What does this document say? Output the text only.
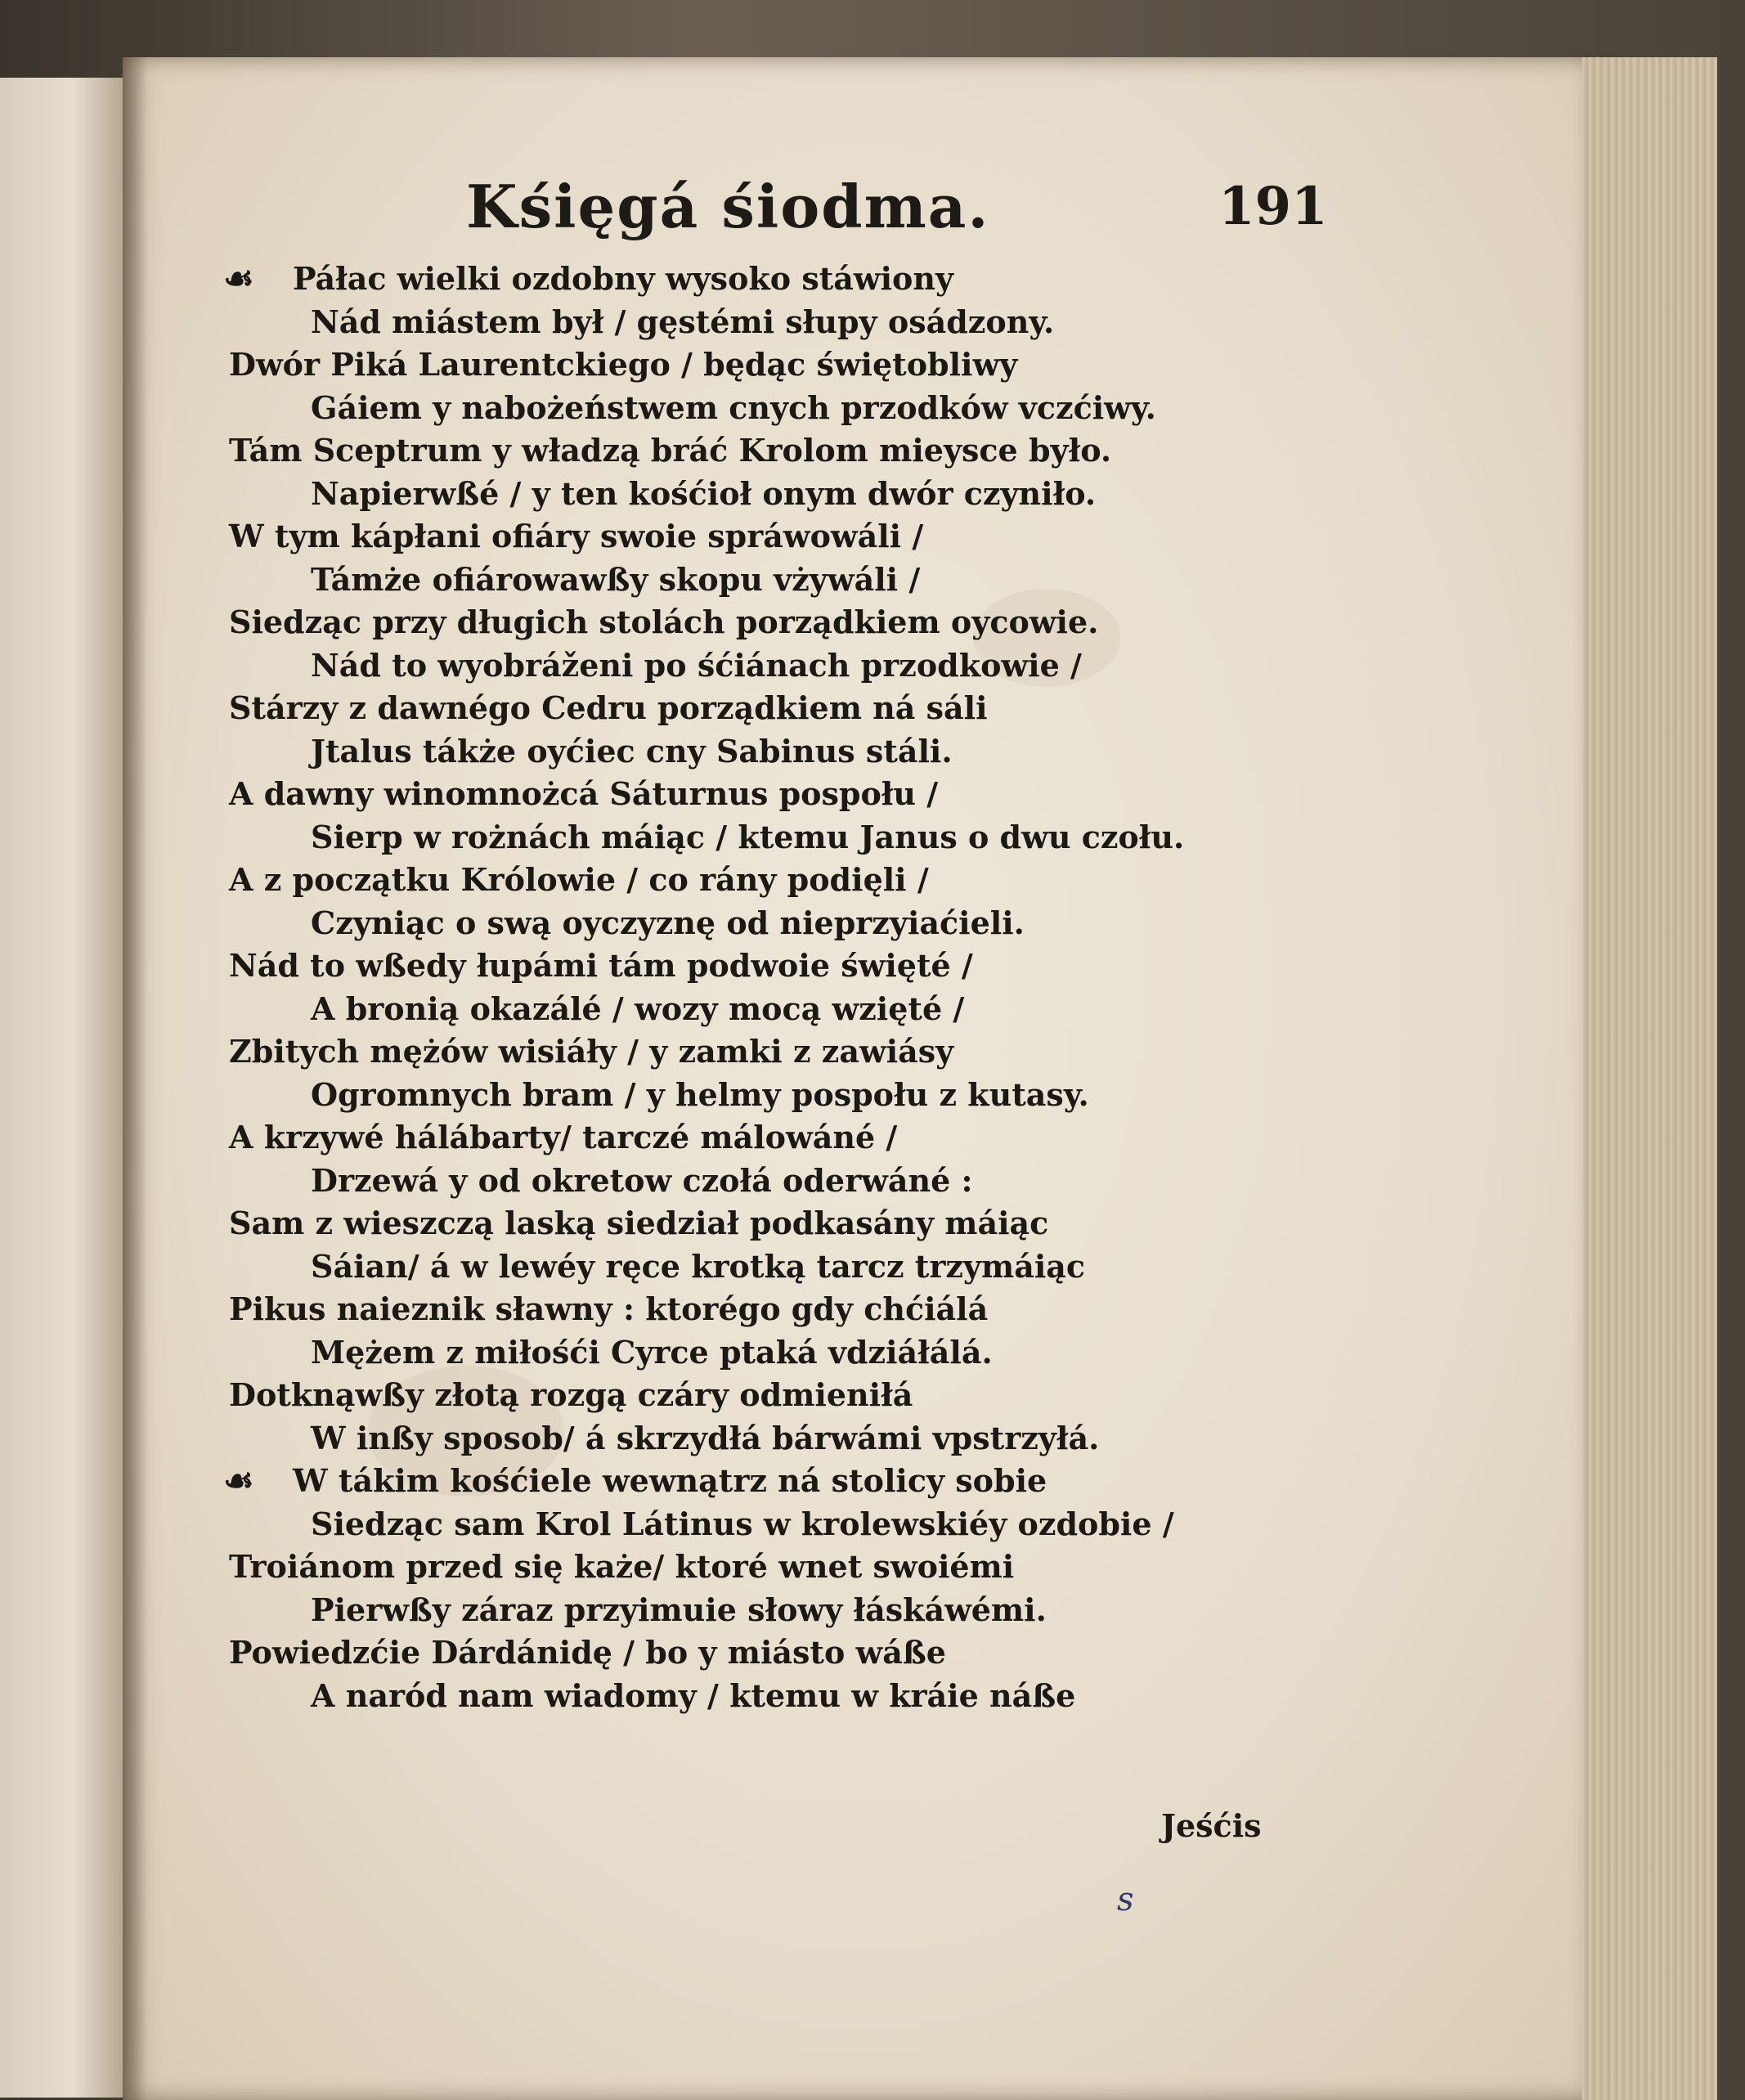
Kśięgá śiodma.	191
☙ Páłac wielki ozdobny wysoko stáwiony
Nád miástem był / gęstémi słupy osádzony.
Dwór Piká Laurentckiego / będąc świętobliwy
Gáiem y nabożeństwem cnych przodków vczćiwy.
Tám Sceptrum y władzą bráć Krolom mieysce było.
Napierwßé / y ten kośćioł onym dwór czyniło.
W tym kápłani ofiáry swoie spráwowáli /
Támże ofiárowawßy skopu vżywáli /
Siedząc przy długich stolách porządkiem oycowie.
Nád to wyobráženi po śćiánach przodkowie /
Stárzy z dawnégo Cedru porządkiem ná sáli
Jtalus tákże oyćiec cny Sabinus stáli.
A dawny winomnożcá Sáturnus pospołu /
Sierp w rożnách máiąc / ktemu Janus o dwu czołu.
A z początku Królowie / co rány podięli /
Czyniąc o swą oyczyznę od nieprzyiaćieli.
Nád to wßedy łupámi tám podwoie święté /
A bronią okazálé / wozy mocą wzięté /
Zbitych mężów wisiáły / y zamki z zawiásy
Ogromnych bram / y helmy pospołu z kutasy.
A krzywé hálábarty/ tarczé málowáné /
Drzewá y od okretow czołá oderwáné :
Sam z wieszczą laską siedział podkasány máiąc
Sáian/ á w lewéy ręce krotką tarcz trzymáiąc
Pikus naieznik sławny : ktorégo gdy chćiálá
Mężem z miłośći Cyrce ptaká vdziáłálá.
Dotknąwßy złotą rozgą czáry odmieniłá
W inßy sposob/ á skrzydłá bárwámi vpstrzyłá.
☙ W tákim kośćiele wewnątrz ná stolicy sobie
Siedząc sam Krol Látinus w krolewskiéy ozdobie /
Troiánom przed się każe/ ktoré wnet swoiémi
Pierwßy záraz przyimuie słowy łáskáwémi.
Powiedzćie Dárdánidę / bo y miásto wáße
A naród nam wiadomy / ktemu w kráie náße
Jeśćis
s
